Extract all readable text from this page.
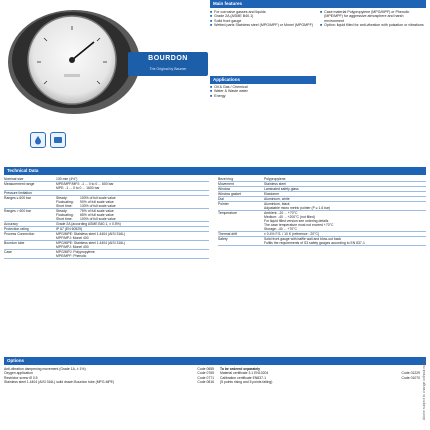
BOURDON
The Original by Baumer
Main features
■ For corrosive gasses and liquids
■ Grade 2A (ASME B40.1)
■ Solid front gauge
■ Wetted parts Stainless steel (MPG/MPF) or Monel (MPGMPF)
■ Case material Polypropylene (MPG/MPF) or Phenolic (MPE/MPF) for aggressive atmosphere and harsh environment
■ Option: liquid filled for anti-vibration with pulsation or vibrations
Applications
■ Oil & Gas / Chemical
■ Water & Waste water
■ Energy
Technical Data
Nominal size	130 mm (4½")
Measurement range	MPE/MPF/MPJ: -1 ... 0 to 0 ... 600 bar
MPE: -1 ... 0 to 0 ... 1600 bar
Pressure limitation
Ranges ≤ 600 bar	Steady:	100% of full scale value
Fluctuating:	90% of full scale value
Short time:	130% of full scale value
Ranges > 600 bar	Steady:	75% of full scale value
Fluctuating:	65% of full scale value
Short time:	100% of full scale value
Accuracy	Grade 2A (according ASME B40.1, ± 0.5%)
Protection rating	IP 67 (EN 60529)
Process Connection	MPG/MPE: Stainless steel 1.4404 (AISI 316L)
MPF/MPJ: Monel 400
Bourdon tube	MPG/MPE: Stainless steel 1.4404 (AISI 316L)
MPF/MPJ: Monel 400
Case	MPG/MPJ: Polypropylene
MPE/MPF: Phenolic
Bezel ring	Polypropylene
Movement	Stainless steel
Window	Laminated safety glass
Window gasket	Elastomer
Dial	Aluminium, white
Pointer	Aluminium, black
Adjustable micro metric pointer (P ≥ 1.6 bar)
Temperature	Ambient: -20 ... +70°C
Medium: -40 ... +200°C (not filled)
For liquid filled version see ordering details
The case temperature must not exceed +70°C
Storage: -40 ... +70°C
Thermal drift	± 0.4% F.S. / 10 K (reference : 20°C)
Safety	Solid front gauge with baffle wall and blow-out back
Fulfils the requirements of S3 safety gauges according to EN 837-1
Options
Anti-vibration dampening movement (Grade 1A, ± 1%)	Code 0655
Oxygen application	Code 0765
Restrictor screw Ø 0.5	Code 0771
Stainless steel 1.4404 (AISI 316L) solid drawn Bourdon tube (MPG-MPE)	Code 0816
To be ordered separately
Material certificate 3.1 EN10204	Code 01229
Calibration certificate EN837-1	Code 01070
(5 points rising and 5 points falling)	Above subject to change without notice
